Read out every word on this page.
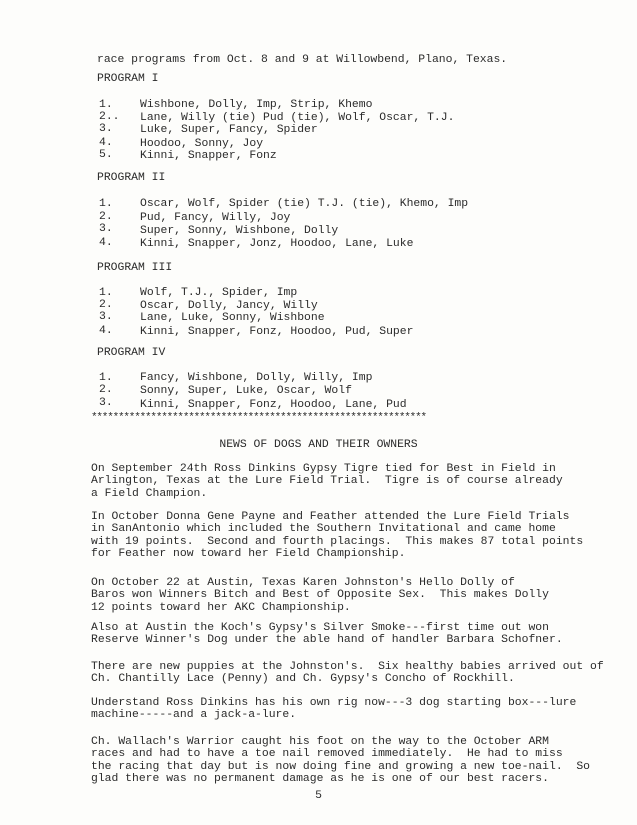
race programs from Oct. 8 and 9 at Willowbend, Plano, Texas.
PROGRAM I
1. Wishbone, Dolly, Imp, Strip, Khemo
2.. Lane, Willy (tie) Pud (tie), Wolf, Oscar, T.J.
3. Luke, Super, Fancy, Spider
4. Hoodoo, Sonny, Joy
5. Kinni, Snapper, Fonz
PROGRAM II
1. Oscar, Wolf, Spider (tie) T.J. (tie), Khemo, Imp
2. Pud, Fancy, Willy, Joy
3. Super, Sonny, Wishbone, Dolly
4. Kinni, Snapper, Jonz, Hoodoo, Lane, Luke
PROGRAM III
1. Wolf, T.J., Spider, Imp
2. Oscar, Dolly, Jancy, Willy
3. Lane, Luke, Sonny, Wishbone
4. Kinni, Snapper, Fonz, Hoodoo, Pud, Super
PROGRAM IV
1. Fancy, Wishbone, Dolly, Willy, Imp
2. Sonny, Super, Luke, Oscar, Wolf
3. Kinni, Snapper, Fonz, Hoodoo, Lane, Pud
**************************************************************
NEWS OF DOGS AND THEIR OWNERS
On September 24th Ross Dinkins Gypsy Tigre tied for Best in Field in
Arlington, Texas at the Lure Field Trial.  Tigre is of course already
a Field Champion.
In October Donna Gene Payne and Feather attended the Lure Field Trials
in SanAntonio which included the Southern Invitational and came home
with 19 points.  Second and fourth placings.  This makes 87 total points
for Feather now toward her Field Championship.
On October 22 at Austin, Texas Karen Johnston's Hello Dolly of
Baros won Winners Bitch and Best of Opposite Sex.  This makes Dolly
12 points toward her AKC Championship.
Also at Austin the Koch's Gypsy's Silver Smoke---first time out won
Reserve Winner's Dog under the able hand of handler Barbara Schofner.
There are new puppies at the Johnston's.  Six healthy babies arrived out of
Ch. Chantilly Lace (Penny) and Ch. Gypsy's Concho of Rockhill.
Understand Ross Dinkins has his own rig now---3 dog starting box---lure
machine-----and a jack-a-lure.
Ch. Wallach's Warrior caught his foot on the way to the October ARM
races and had to have a toe nail removed immediately.  He had to miss
the racing that day but is now doing fine and growing a new toe-nail.  So
glad there was no permanent damage as he is one of our best racers.
5
